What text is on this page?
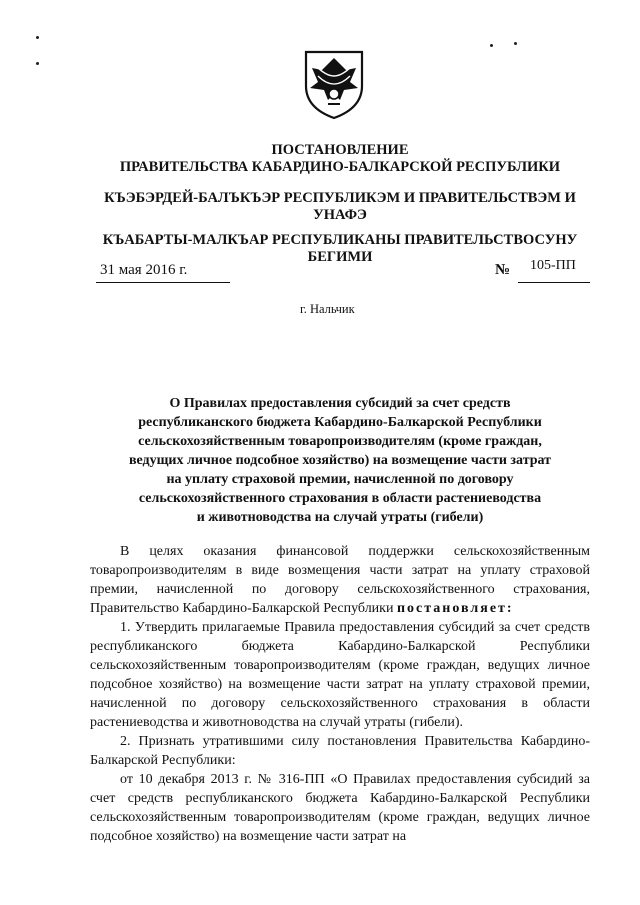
ПОСТАНОВЛЕНИЕ
ПРАВИТЕЛЬСТВА КАБАРДИНО-БАЛКАРСКОЙ РЕСПУБЛИКИ
КЪЭБЭРДЕЙ-БАЛЪКЪЭР РЕСПУБЛИКЭМ И ПРАВИТЕЛЬСТВЭМ И
УНАФЭ
КЪАБАРТЫ-МАЛКЪАР РЕСПУБЛИКАНЫ ПРАВИТЕЛЬСТВОСУНУ
БЕГИМИ
31 мая 2016 г.	№ 105-ПП
г. Нальчик
О Правилах предоставления субсидий за счет средств
республиканского бюджета Кабардино-Балкарской Республики
сельскохозяйственным товаропроизводителям (кроме граждан,
ведущих личное подсобное хозяйство) на возмещение части затрат
на уплату страховой премии, начисленной по договору
сельскохозяйственного страхования в области растениеводства
и животноводства на случай утраты (гибели)

В целях оказания финансовой поддержки сельскохозяйственным товаропроизводителям в виде возмещения части затрат на уплату страховой премии, начисленной по договору сельскохозяйственного страхования, Правительство Кабардино-Балкарской Республики постановляет:

1. Утвердить прилагаемые Правила предоставления субсидий за счет средств республиканского бюджета Кабардино-Балкарской Республики сельскохозяйственным товаропроизводителям (кроме граждан, ведущих личное подсобное хозяйство) на возмещение части затрат на уплату страховой премии, начисленной по договору сельскохозяйственного страхования в области растениеводства и животноводства на случай утраты (гибели).

2. Признать утратившими силу постановления Правительства Кабардино-Балкарской Республики:

от 10 декабря 2013 г. № 316-ПП «О Правилах предоставления субсидий за счет средств республиканского бюджета Кабардино-Балкарской Республики сельскохозяйственным товаропроизводителям (кроме граждан, ведущих личное подсобное хозяйство) на возмещение части затрат на
